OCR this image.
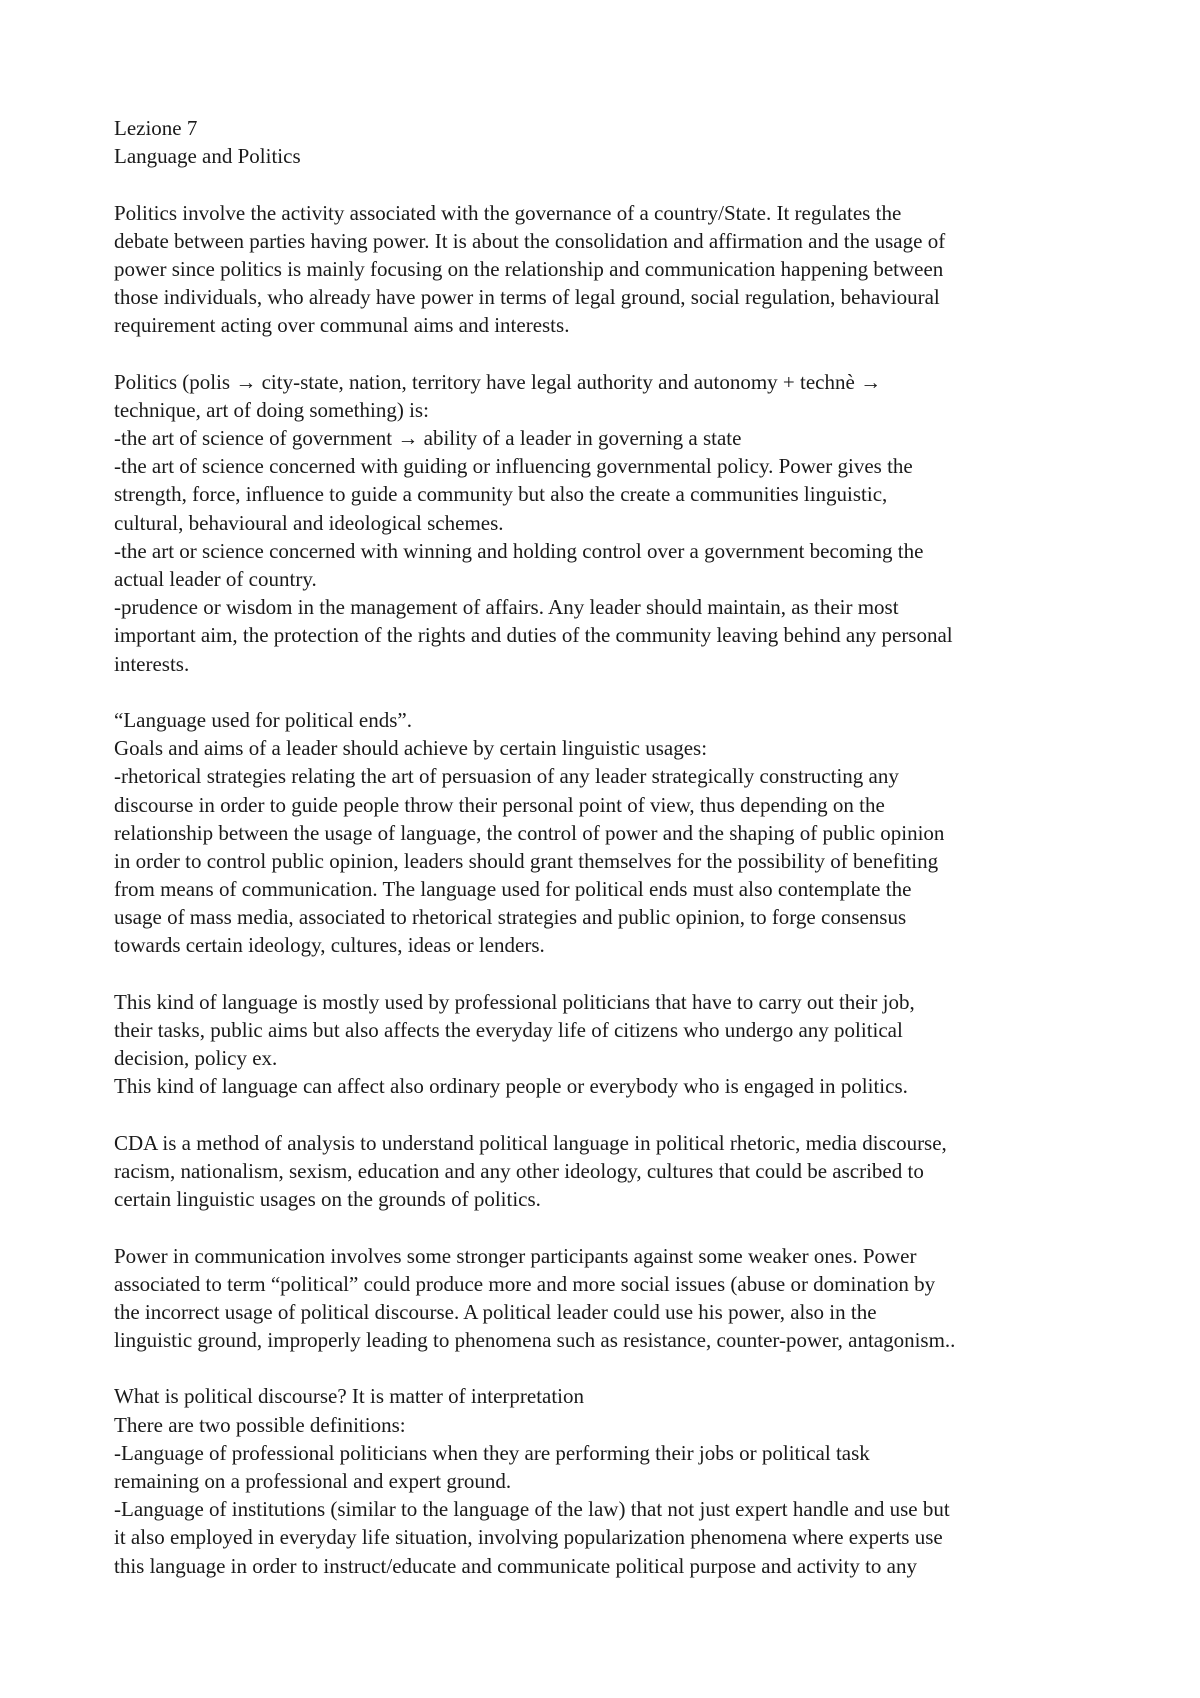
Lezione 7
Language and Politics
Politics involve the activity associated with the governance of a country/State. It regulates the
debate between parties having power. It is about the consolidation and affirmation and the usage of
power since politics is mainly focusing on the relationship and communication happening between
those individuals, who already have power in terms of legal ground, social regulation, behavioural
requirement acting over communal aims and interests.
Politics (polis → city-state, nation, territory have legal authority and autonomy + technè →
technique, art of doing something) is:
-the art of science of government → ability of a leader in governing a state
-the art of science concerned with guiding or influencing governmental policy. Power gives the
strength, force, influence to guide a community but also the create a communities linguistic,
cultural, behavioural and ideological schemes.
-the art or science concerned with winning and holding control over a government becoming the
actual leader of country.
-prudence or wisdom in the management of affairs. Any leader should maintain, as their most
important aim, the protection of the rights and duties of the community leaving behind any personal
interests.
“Language used for political ends”.
Goals and aims of a leader should achieve by certain linguistic usages:
-rhetorical strategies relating the art of persuasion of any leader strategically constructing any
discourse in order to guide people throw their personal point of view, thus depending on the
relationship between the usage of language, the control of power and the shaping of public opinion
in order to control public opinion, leaders should grant themselves for the possibility of benefiting
from means of communication. The language used for political ends must also contemplate the
usage of mass media, associated to rhetorical strategies and public opinion, to forge consensus
towards certain ideology, cultures, ideas or lenders.
This kind of language is mostly used by professional politicians that have to carry out their job,
their tasks, public aims but also affects the everyday life of citizens who undergo any political
decision, policy ex.
This kind of language can affect also ordinary people or everybody who is engaged in politics.
CDA is a method of analysis to understand political language in political rhetoric, media discourse,
racism, nationalism, sexism, education and any other ideology, cultures that could be ascribed to
certain linguistic usages on the grounds of politics.
Power in communication involves some stronger participants against some weaker ones. Power
associated to term “political” could produce more and more social issues (abuse or domination by
the incorrect usage of political discourse. A political leader could use his power, also in the
linguistic ground, improperly leading to phenomena such as resistance, counter-power, antagonism..
What is political discourse? It is matter of interpretation
There are two possible definitions:
-Language of professional politicians when they are performing their jobs or political task
remaining on a professional and expert ground.
-Language of institutions (similar to the language of the law) that not just expert handle and use but
it also employed in everyday life situation, involving popularization phenomena where experts use
this language in order to instruct/educate and communicate political purpose and activity to any
